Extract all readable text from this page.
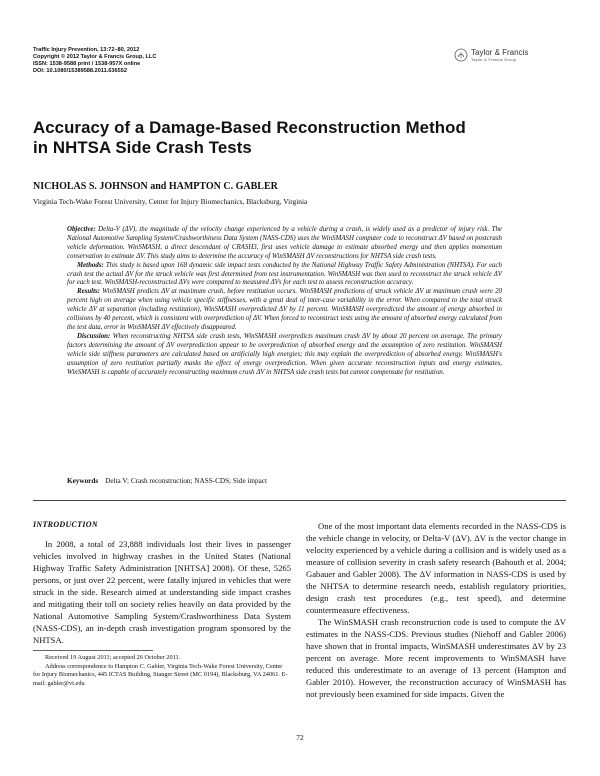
Traffic Injury Prevention, 13:72–80, 2012
Copyright © 2012 Taylor & Francis Group, LLC
ISSN: 1538-9588 print / 1538-957X online
DOI: 10.1080/15389588.2011.636552
Taylor & Francis
Taylor & Francis Group
Accuracy of a Damage-Based Reconstruction Method
in NHTSA Side Crash Tests
NICHOLAS S. JOHNSON and HAMPTON C. GABLER
Virginia Tech-Wake Forest University, Center for Injury Biomechanics, Blacksburg, Virginia

Objective: Delta-V (ΔV), the magnitude of the velocity change experienced by a vehicle during a crash, is widely used as a predictor of injury risk. The National Automotive Sampling System/Crashworthiness Data System (NASS-CDS) uses the WinSMASH computer code to reconstruct ΔV based on postcrash vehicle deformation. WinSMASH, a direct descendant of CRASH3, first uses vehicle damage to estimate absorbed energy and then applies momentum conservation to estimate ΔV. This study aims to determine the accuracy of WinSMASH ΔV reconstructions for NHTSA side crash tests.

Methods: This study is based upon 168 dynamic side impact tests conducted by the National Highway Traffic Safety Administration (NHTSA). For each crash test the actual ΔV for the struck vehicle was first determined from test instrumentation. WinSMASH was then used to reconstruct the struck vehicle ΔV for each test. WinSMASH-reconstructed ΔVs were compared to measured ΔVs for each test to assess reconstruction accuracy.

Results: WinSMASH predicts ΔV at maximum crush, before restitution occurs. WinSMASH predictions of struck vehicle ΔV at maximum crush were 20 percent high on average when using vehicle specific stiffnesses, with a great deal of inter-case variability in the error. When compared to the total struck vehicle ΔV at separation (including restitution), WinSMASH overpredicted ΔV by 11 percent. WinSMASH overpredicted the amount of energy absorbed in collisions by 40 percent, which is consistent with overprediction of ΔV. When forced to reconstruct tests using the amount of absorbed energy calculated from the test data, error in WinSMASH ΔV effectively disappeared.

Discussion: When reconstructing NHTSA side crash tests, WinSMASH overpredicts maximum crush ΔV by about 20 percent on average. The primary factors determining the amount of ΔV overprediction appear to be overprediction of absorbed energy and the assumption of zero restitution. WinSMASH vehicle side stiffness parameters are calculated based on artificially high energies; this may explain the overprediction of absorbed energy. WinSMASH's assumption of zero restitution partially masks the effect of energy overprediction. When given accurate reconstruction inputs and energy estimates, WinSMASH is capable of accurately reconstructing maximum crush ΔV in NHTSA side crash tests but cannot compensate for restitution.

Keywords Delta V; Crash reconstruction; NASS-CDS; Side impact
INTRODUCTION

In 2008, a total of 23,888 individuals lost their lives in passenger vehicles involved in highway crashes in the United States (National Highway Traffic Safety Administration [NHTSA] 2008). Of these, 5265 persons, or just over 22 percent, were fatally injured in vehicles that were struck in the side. Research aimed at understanding side impact crashes and mitigating their toll on society relies heavily on data provided by the National Automotive Sampling System/Crashworthiness Data System (NASS-CDS), an in-depth crash investigation program sponsored by the NHTSA.

One of the most important data elements recorded in the NASS-CDS is the vehicle change in velocity, or Delta-V (ΔV). ΔV is the vector change in velocity experienced by a vehicle during a collision and is widely used as a measure of collision severity in crash safety research (Bahouth et al. 2004; Gabauer and Gabler 2008). The ΔV information in NASS-CDS is used by the NHTSA to determine research needs, establish regulatory priorities, design crash test procedures (e.g., test speed), and determine countermeasure effectiveness.

The WinSMASH crash reconstruction code is used to compute the ΔV estimates in the NASS-CDS. Previous studies (Niehoff and Gabler 2006) have shown that in frontal impacts, WinSMASH underestimates ΔV by 23 percent on average. More recent improvements to WinSMASH have reduced this underestimate to an average of 13 percent (Hampton and Gabler 2010). However, the reconstruction accuracy of WinSMASH has not previously been examined for side impacts. Given the

Received 19 August 2011; accepted 26 October 2011.

Address correspondence to Hampton C. Gabler, Virginia Tech-Wake Forest University, Center for Injury Biomechanics, 445 ICTAS Building, Stanger Street (MC 0194), Blacksburg, VA 24061. E-mail: gabler@vt.edu

72
